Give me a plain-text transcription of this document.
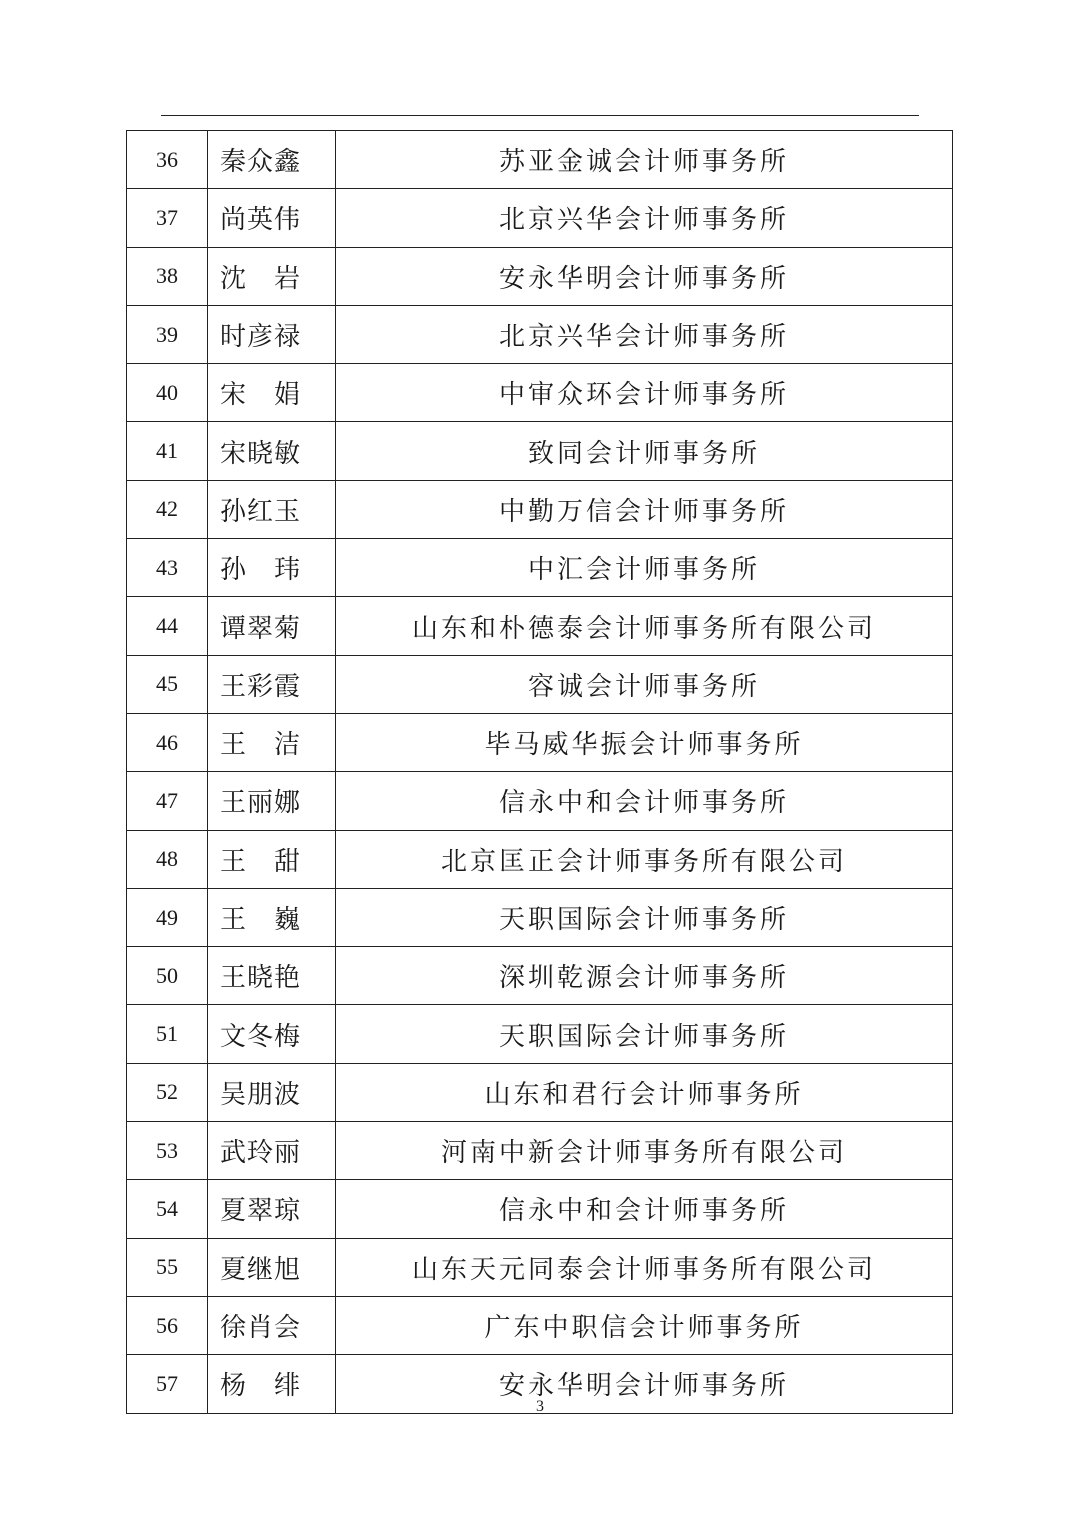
36	秦众鑫	苏亚金诚会计师事务所
37	尚英伟	北京兴华会计师事务所
38	沈　岩	安永华明会计师事务所
39	时彦禄	北京兴华会计师事务所
40	宋　娟	中审众环会计师事务所
41	宋晓敏	致同会计师事务所
42	孙红玉	中勤万信会计师事务所
43	孙　玮	中汇会计师事务所
44	谭翠菊	山东和朴德泰会计师事务所有限公司
45	王彩霞	容诚会计师事务所
46	王　洁	毕马威华振会计师事务所
47	王丽娜	信永中和会计师事务所
48	王　甜	北京匡正会计师事务所有限公司
49	王　巍	天职国际会计师事务所
50	王晓艳	深圳乾源会计师事务所
51	文冬梅	天职国际会计师事务所
52	吴朋波	山东和君行会计师事务所
53	武玲丽	河南中新会计师事务所有限公司
54	夏翠琼	信永中和会计师事务所
55	夏继旭	山东天元同泰会计师事务所有限公司
56	徐肖会	广东中职信会计师事务所
57	杨　绯	安永华明会计师事务所
3
